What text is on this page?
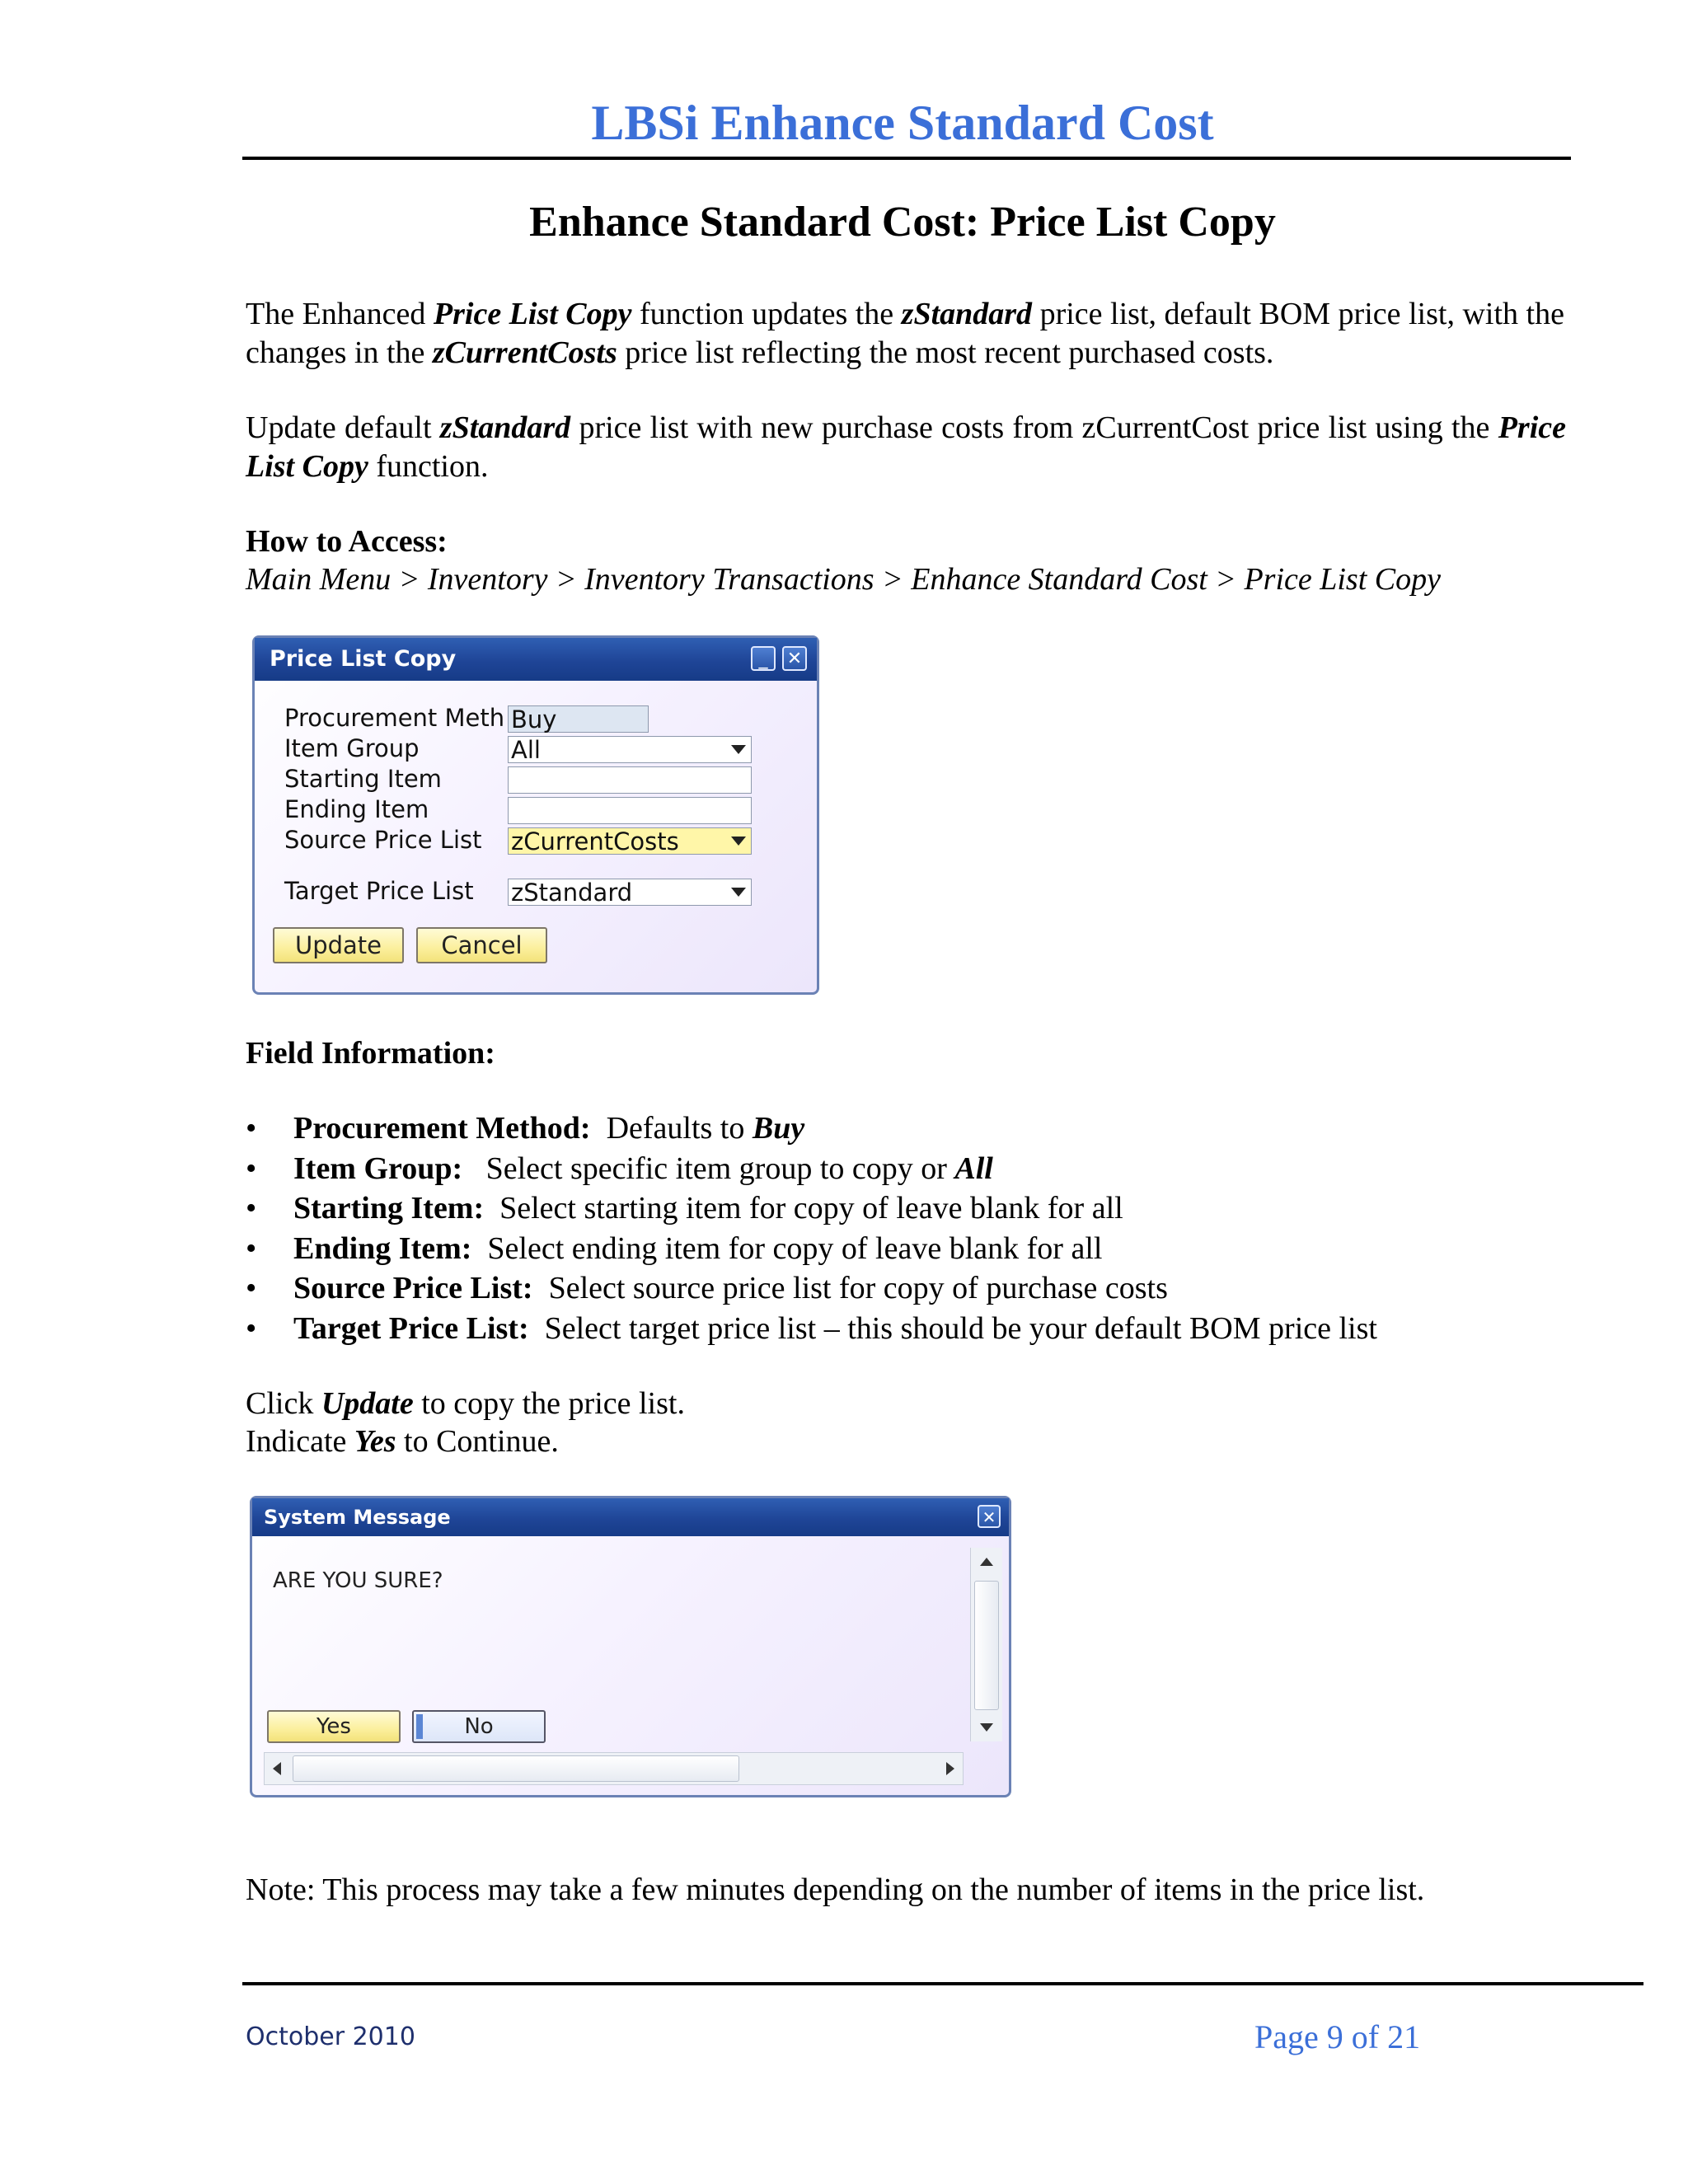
LBSi Enhance Standard Cost
Enhance Standard Cost: Price List Copy
The Enhanced Price List Copy function updates the zStandard price list, default BOM price list, with the changes in the zCurrentCosts price list reflecting the most recent purchased costs.
Update default zStandard price list with new purchase costs from zCurrentCost price list using the Price List Copy function.
How to Access:
Main Menu > Inventory > Inventory Transactions > Enhance Standard Cost > Price List Copy
Price List Copy	_	✕
Procurement Meth Buy
Item Group	All
Starting Item
Ending Item
Source Price List zCurrentCosts
Target Price List zStandard
Update	Cancel
Field Information:
• Procurement Method:  Defaults to Buy
• Item Group:   Select specific item group to copy or All
• Starting Item:  Select starting item for copy of leave blank for all
• Ending Item:  Select ending item for copy of leave blank for all
• Source Price List:  Select source price list for copy of purchase costs
• Target Price List:  Select target price list – this should be your default BOM price list
Click Update to copy the price list.
Indicate Yes to Continue.
System Message	✕
ARE YOU SURE?
Yes	No
Note: This process may take a few minutes depending on the number of items in the price list.
October 2010	Page 9 of 21
